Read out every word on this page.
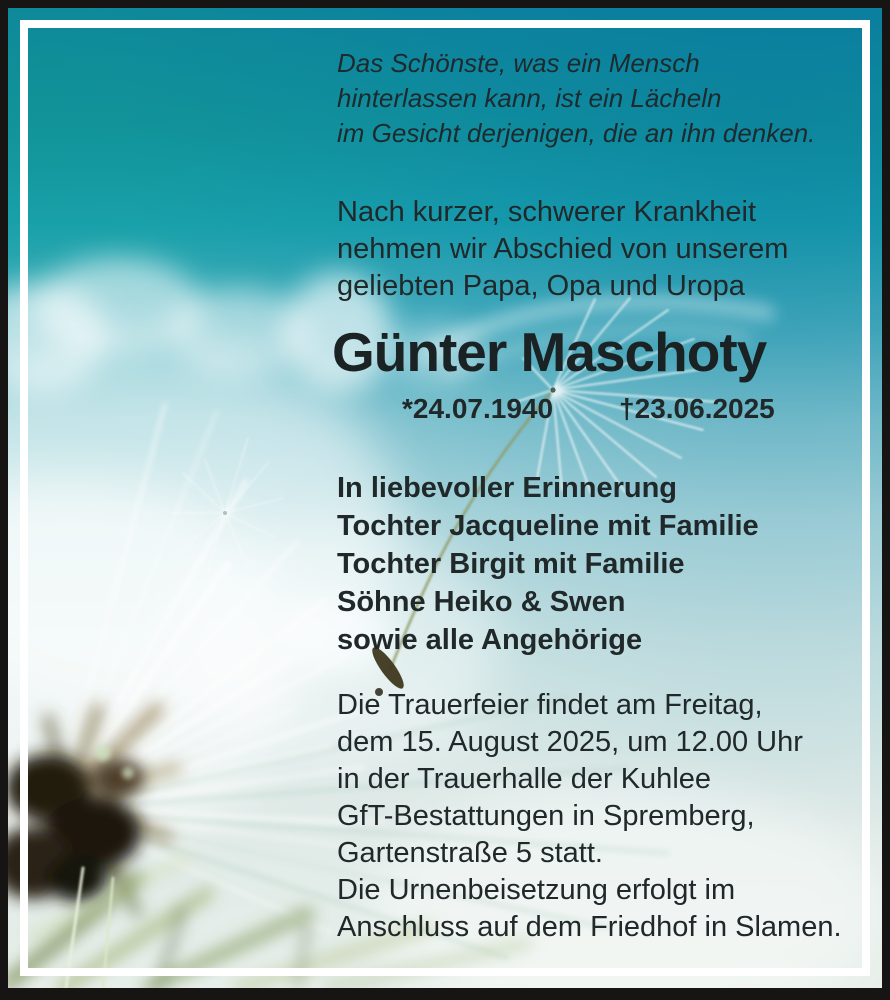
Das Schönste, was ein Mensch
hinterlassen kann, ist ein Lächeln
im Gesicht derjenigen, die an ihn denken.
Nach kurzer, schwerer Krankheit
nehmen wir Abschied von unserem
geliebten Papa, Opa und Uropa
Günter Maschoty
*24.07.1940 †23.06.2025
In liebevoller Erinnerung
Tochter Jacqueline mit Familie
Tochter Birgit mit Familie
Söhne Heiko & Swen
sowie alle Angehörige
Die Trauerfeier findet am Freitag,
dem 15. August 2025, um 12.00 Uhr
in der Trauerhalle der Kuhlee
GfT-Bestattungen in Spremberg,
Gartenstraße 5 statt.
Die Urnenbeisetzung erfolgt im
Anschluss auf dem Friedhof in Slamen.
